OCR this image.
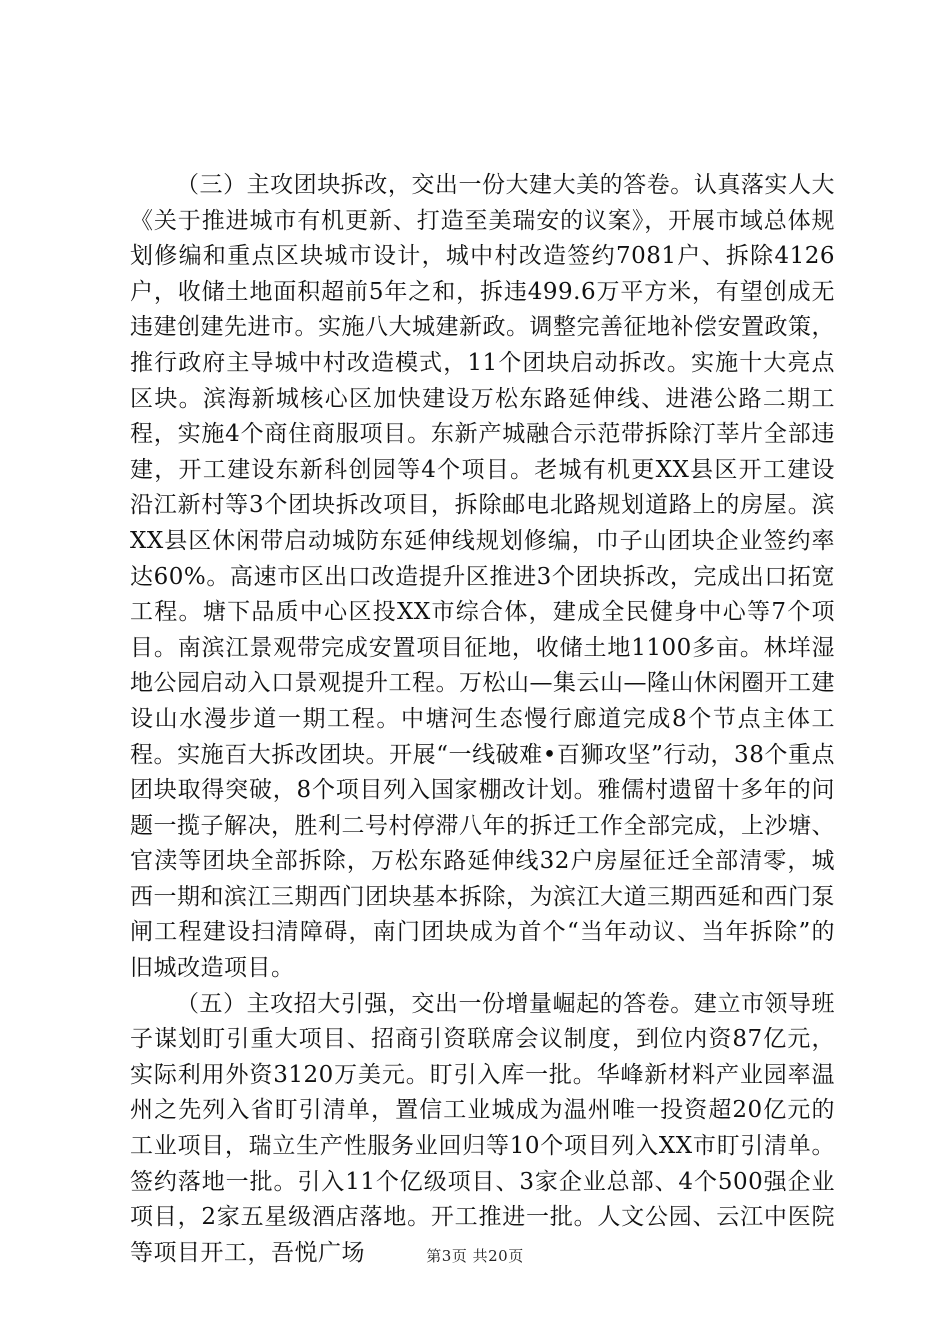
（三）主攻团块拆改，交出一份大建大美的答卷。认真落实人大《关于推进城市有机更新、打造至美瑞安的议案》，开展市域总体规划修编和重点区块城市设计，城中村改造签约7081户、拆除4126户，收储土地面积超前5年之和，拆违499.6万平方米，有望创成无违建创建先进市。实施八大城建新政。调整完善征地补偿安置政策，推行政府主导城中村改造模式，11个团块启动拆改。实施十大亮点区块。滨海新城核心区加快建设万松东路延伸线、进港公路二期工程，实施4个商住商服项目。东新产城融合示范带拆除汀莘片全部违建，开工建设东新科创园等4个项目。老城有机更XX县区开工建设沿江新村等3个团块拆改项目，拆除邮电北路规划道路上的房屋。滨XX县区休闲带启动城防东延伸线规划修编，巾子山团块企业签约率达60%。高速市区出口改造提升区推进3个团块拆改，完成出口拓宽工程。塘下品质中心区投XX市综合体，建成全民健身中心等7个项目。南滨江景观带完成安置项目征地，收储土地1100多亩。林垟湿地公园启动入口景观提升工程。万松山—集云山—隆山休闲圈开工建设山水漫步道一期工程。中塘河生态慢行廊道完成8个节点主体工程。实施百大拆改团块。开展“一线破难•百狮攻坚”行动，38个重点团块取得突破，8个项目列入国家棚改计划。雅儒村遗留十多年的问题一揽子解决，胜利二号村停滞八年的拆迁工作全部完成，上沙塘、官渎等团块全部拆除，万松东路延伸线32户房屋征迁全部清零，城西一期和滨江三期西门团块基本拆除，为滨江大道三期西延和西门泵闸工程建设扫清障碍，南门团块成为首个“当年动议、当年拆除”的旧城改造项目。

（五）主攻招大引强，交出一份增量崛起的答卷。建立市领导班子谋划盯引重大项目、招商引资联席会议制度，到位内资87亿元，实际利用外资3120万美元。盯引入库一批。华峰新材料产业园率温州之先列入省盯引清单，置信工业城成为温州唯一投资超20亿元的工业项目，瑞立生产性服务业回归等10个项目列入XX市盯引清单。签约落地一批。引入11个亿级项目、3家企业总部、4个500强企业项目，2家五星级酒店落地。开工推进一批。人文公园、云江中医院等项目开工，吾悦广场	第3页 共20页
